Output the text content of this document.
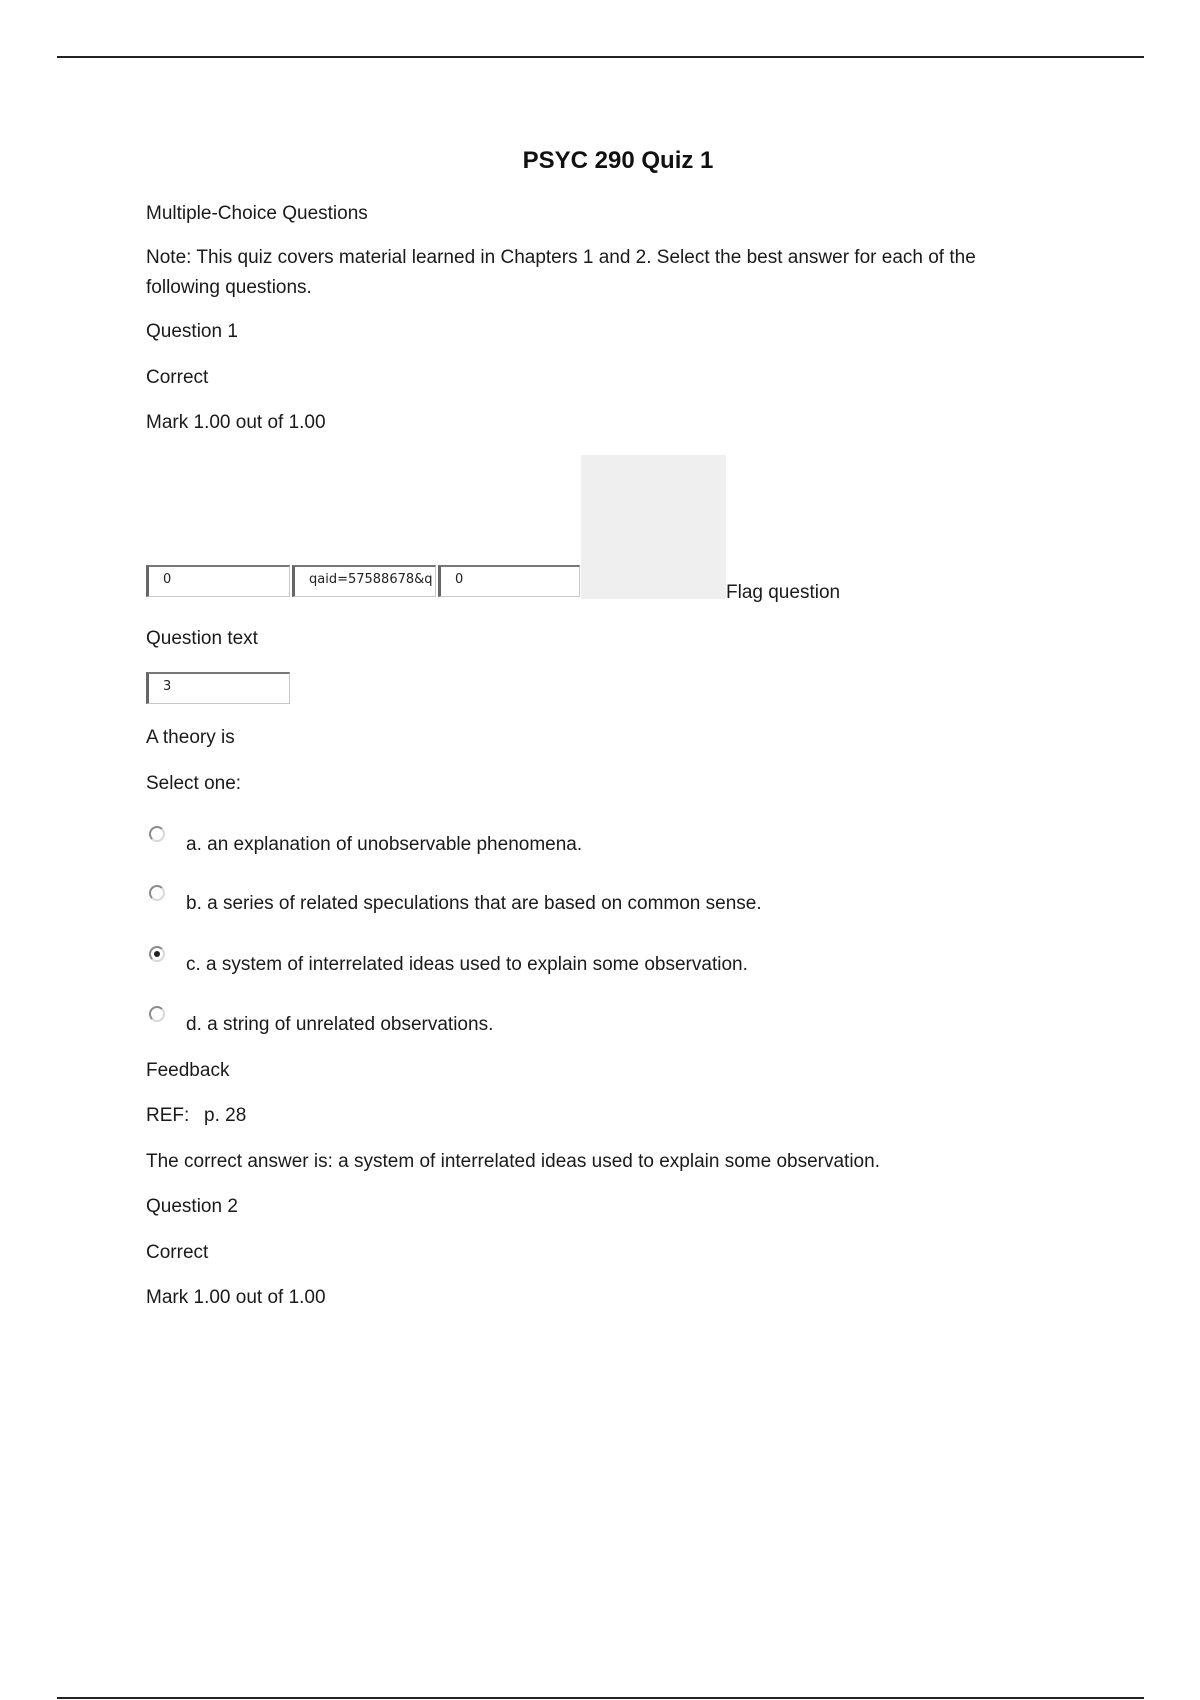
PSYC 290 Quiz 1
Multiple-Choice Questions
Note: This quiz covers material learned in Chapters 1 and 2. Select the best answer for each of the following questions.
Question 1
Correct
Mark 1.00 out of 1.00
0	qaid=57588678&q	0
Flag question
Question text
3
A theory is
Select one:
a. an explanation of unobservable phenomena.
b. a series of related speculations that are based on common sense.
c. a system of interrelated ideas used to explain some observation.
d. a string of unrelated observations.
Feedback
REF: p. 28
The correct answer is: a system of interrelated ideas used to explain some observation.
Question 2
Correct
Mark 1.00 out of 1.00
